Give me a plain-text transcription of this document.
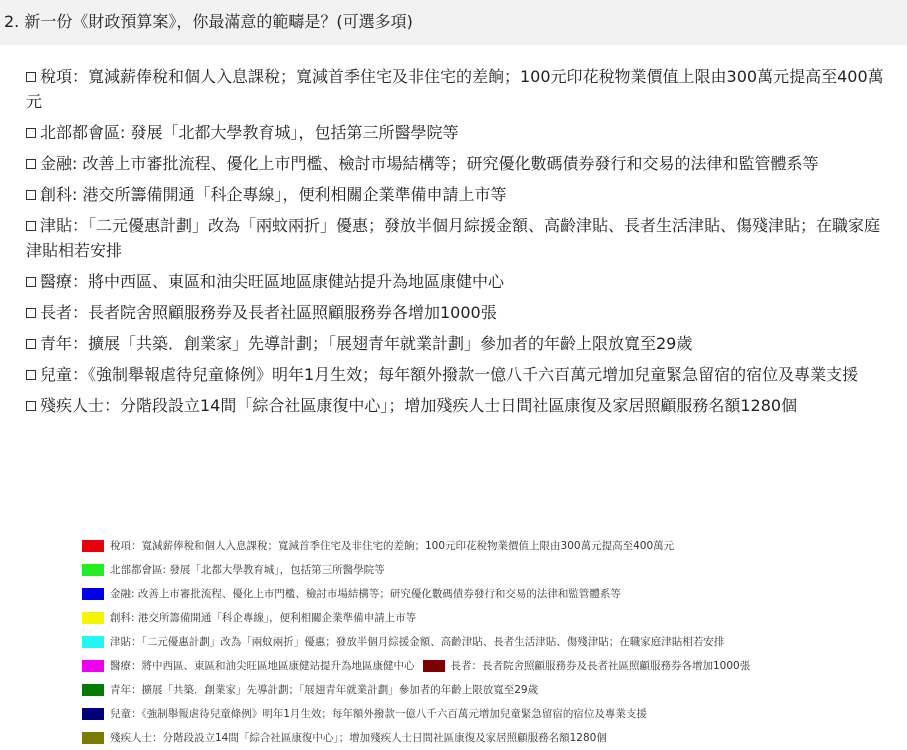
2. 新一份《財政預算案》，你最滿意的範疇是？(可選多項)
稅項：寬減薪俸稅和個人入息課稅；寬減首季住宅及非住宅的差餉；100元印花稅物業價值上限由300萬元提高至400萬元
北部都會區: 發展「北都大學教育城」，包括第三所醫學院等
金融: 改善上市審批流程、優化上市門檻、檢討市場結構等；研究優化數碼債券發行和交易的法律和監管體系等
創科: 港交所籌備開通「科企專線」，便利相關企業準備申請上市等
津貼：「二元優惠計劃」改為「兩蚊兩折」優惠；發放半個月綜援金額、高齡津貼、長者生活津貼、傷殘津貼；在職家庭津貼相若安排
醫療：將中西區、東區和油尖旺區地區康健站提升為地區康健中心
長者：長者院舍照顧服務券及長者社區照顧服務券各增加1000張
青年：擴展「共築．創業家」先導計劃；「展翅青年就業計劃」參加者的年齡上限放寬至29歲
兒童：《強制舉報虐待兒童條例》明年1月生效；每年額外撥款一億八千六百萬元增加兒童緊急留宿的宿位及專業支援
殘疾人士：分階段設立14間「綜合社區康復中心」；增加殘疾人士日間社區康復及家居照顧服務名額1280個
稅項：寬減薪俸稅和個人入息課稅；寬減首季住宅及非住宅的差餉；100元印花稅物業價值上限由300萬元提高至400萬元
北部都會區: 發展「北都大學教育城」，包括第三所醫學院等
金融: 改善上市審批流程、優化上市門檻、檢討市場結構等；研究優化數碼債券發行和交易的法律和監管體系等
創科: 港交所籌備開通「科企專線」，便利相關企業準備申請上市等
津貼：「二元優惠計劃」改為「兩蚊兩折」優惠；發放半個月綜援金額、高齡津貼、長者生活津貼、傷殘津貼；在職家庭津貼相若安排
醫療：將中西區、東區和油尖旺區地區康健站提升為地區康健中心	長者：長者院舍照顧服務券及長者社區照顧服務券各增加1000張
青年：擴展「共築．創業家」先導計劃；「展翅青年就業計劃」參加者的年齡上限放寬至29歲
兒童：《強制舉報虐待兒童條例》明年1月生效；每年額外撥款一億八千六百萬元增加兒童緊急留宿的宿位及專業支援
殘疾人士：分階段設立14間「綜合社區康復中心」；增加殘疾人士日間社區康復及家居照顧服務名額1280個
